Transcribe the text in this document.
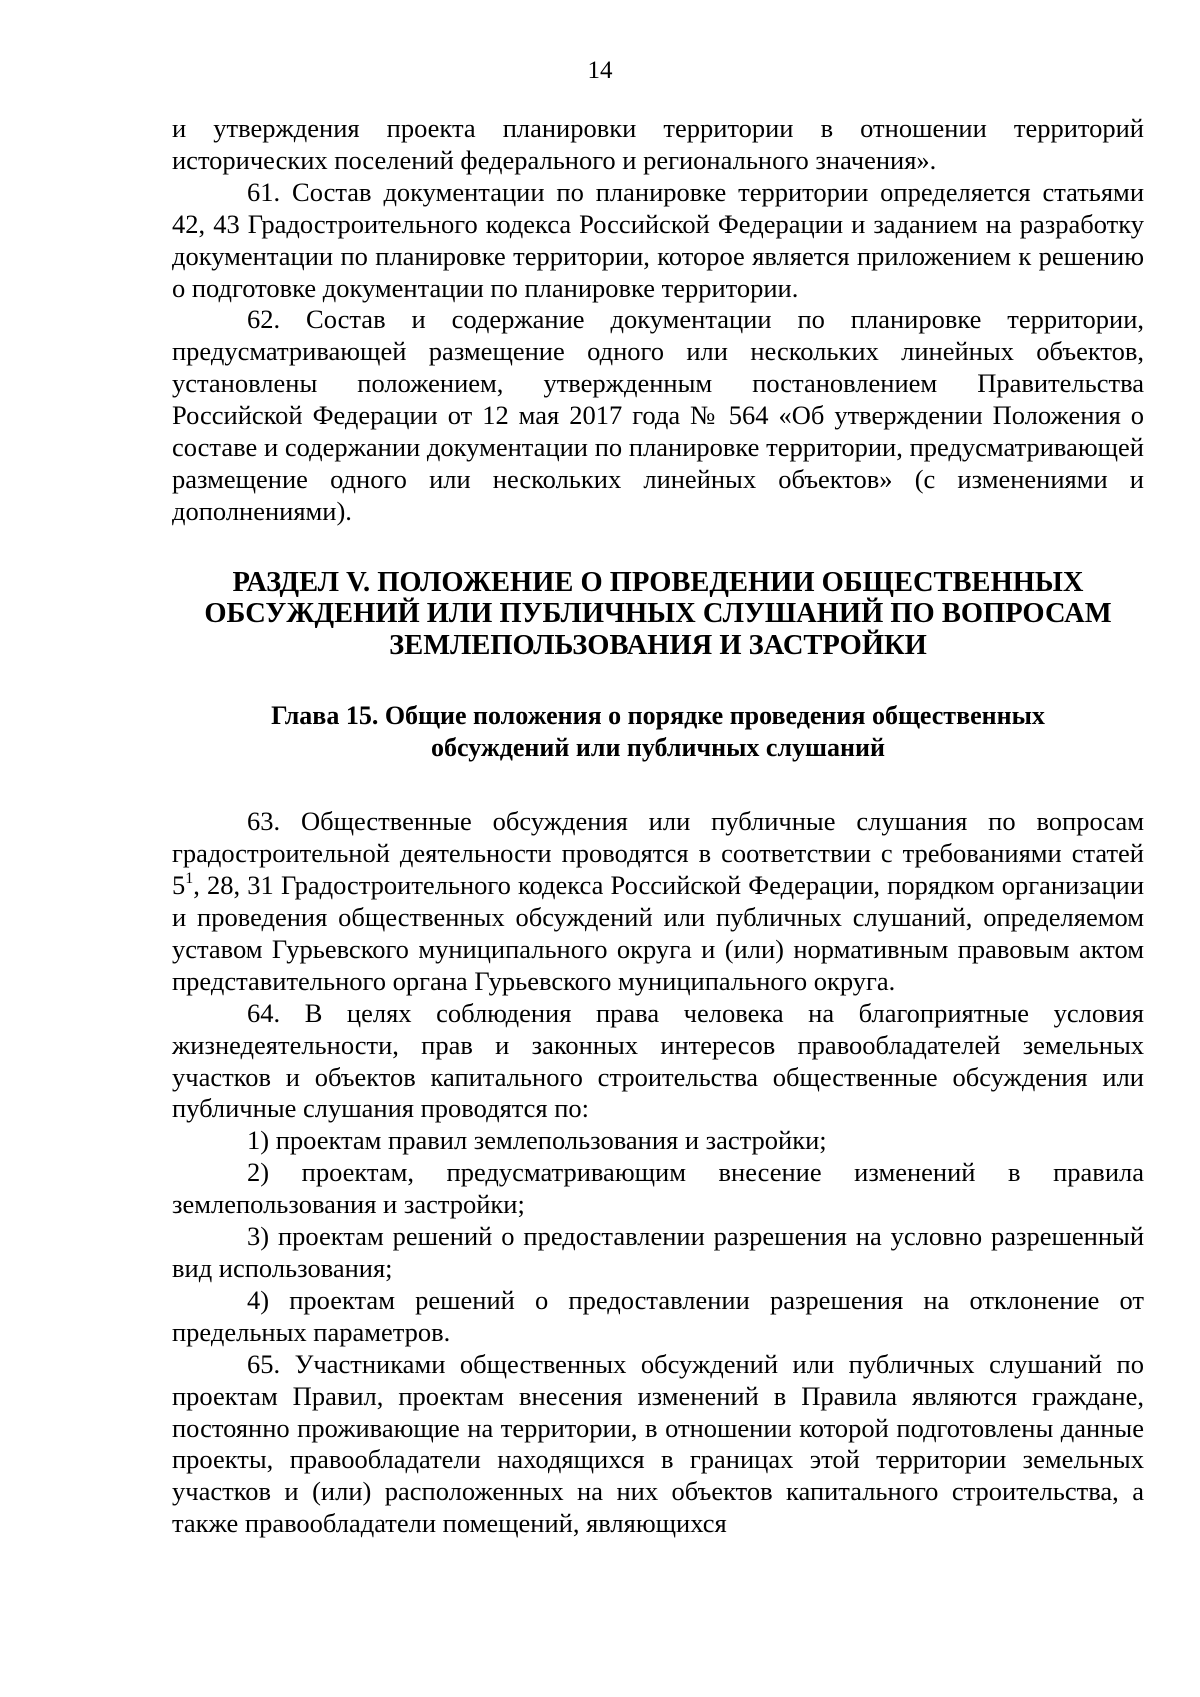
14

и утверждения проекта планировки территории в отношении территорий исторических поселений федерального и регионального значения».

61. Состав документации по планировке территории определяется статьями 42, 43 Градостроительного кодекса Российской Федерации и заданием на разработку документации по планировке территории, которое является приложением к решению о подготовке документации по планировке территории.

62. Состав и содержание документации по планировке территории, предусматривающей размещение одного или нескольких линейных объектов, установлены положением, утвержденным постановлением Правительства Российской Федерации от 12 мая 2017 года № 564 «Об утверждении Положения о составе и содержании документации по планировке территории, предусматривающей размещение одного или нескольких линейных объектов» (с изменениями и дополнениями).

РАЗДЕЛ V. ПОЛОЖЕНИЕ О ПРОВЕДЕНИИ ОБЩЕСТВЕННЫХ
ОБСУЖДЕНИЙ ИЛИ ПУБЛИЧНЫХ СЛУШАНИЙ ПО ВОПРОСАМ
ЗЕМЛЕПОЛЬЗОВАНИЯ И ЗАСТРОЙКИ
Глава 15. Общие положения о порядке проведения общественных
обсуждений или публичных слушаний

63. Общественные обсуждения или публичные слушания по вопросам градостроительной деятельности проводятся в соответствии с требованиями статей $5^1$, 28, 31 Градостроительного кодекса Российской Федерации, порядком организации и проведения общественных обсуждений или публичных слушаний, определяемом уставом Гурьевского муниципального округа и (или) нормативным правовым актом представительного органа Гурьевского муниципального округа.

64. В целях соблюдения права человека на благоприятные условия жизнедеятельности, прав и законных интересов правообладателей земельных участков и объектов капитального строительства общественные обсуждения или публичные слушания проводятся по:

1) проектам правил землепользования и застройки;

2) проектам, предусматривающим внесение изменений в правила землепользования и застройки;

3) проектам решений о предоставлении разрешения на условно разрешенный вид использования;

4) проектам решений о предоставлении разрешения на отклонение от предельных параметров.

65. Участниками общественных обсуждений или публичных слушаний по проектам Правил, проектам внесения изменений в Правила являются граждане, постоянно проживающие на территории, в отношении которой подготовлены данные проекты, правообладатели находящихся в границах этой территории земельных участков и (или) расположенных на них объектов капитального строительства, а также правообладатели помещений, являющихся
